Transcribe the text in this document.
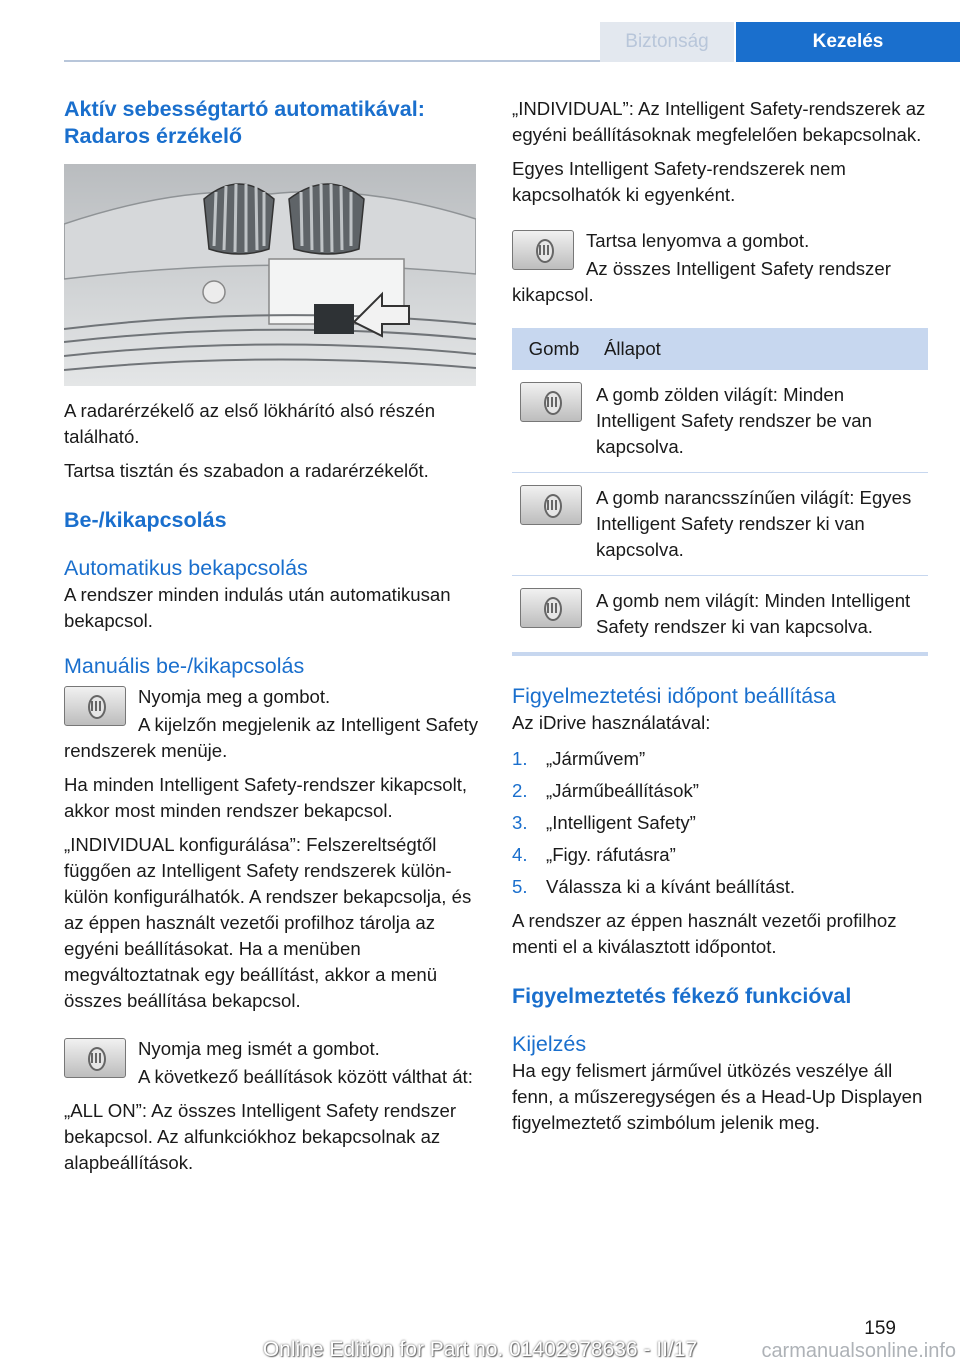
Biztonság	Kezelés
Aktív sebességtartó automatikával: Radaros érzékelő

A radarérzékelő az első lökhárító alsó részén található.

Tartsa tisztán és szabadon a radarérzékelőt.

Be-/kikapcsolás
Automatikus bekapcsolás

A rendszer minden indulás után automatikusan bekapcsol.

Manuális be-/kikapcsolás

Nyomja meg a gombot.

A kijelzőn megjelenik az Intelligent Safety rendszerek menüje.

Ha minden Intelligent Safety-rendszer kikapcsolt, akkor most minden rendszer bekapcsol.

„INDIVIDUAL konfigurálása”: Felszereltségtől függően az Intelligent Safety rendszerek külön-külön konfigurálhatók. A rendszer bekapcsolja, és az éppen használt vezetői profilhoz tárolja az egyéni beállításokat. Ha a menüben megváltoztatnak egy beállítást, akkor a menü összes beállítása bekapcsol.

Nyomja meg ismét a gombot.

A következő beállítások között válthat át:

„ALL ON”: Az összes Intelligent Safety rendszer bekapcsol. Az alfunkciókhoz bekapcsolnak az alapbeállítások.

„INDIVIDUAL”: Az Intelligent Safety-rendszerek az egyéni beállításoknak megfelelően bekapcsolnak.

Egyes Intelligent Safety-rendszerek nem kapcsolhatók ki egyenként.

Tartsa lenyomva a gombot.

Az összes Intelligent Safety rendszer kikapcsol.

Gomb	Állapot

	A gomb zölden világít: Minden Intelligent Safety rendszer be van kapcsolva.

	A gomb narancsszínűen világít: Egyes Intelligent Safety rendszer ki van kapcsolva.

	A gomb nem világít: Minden Intelligent Safety rendszer ki van kapcsolva.
Figyelmeztetési időpont beállítása

Az iDrive használatával:

1. „Járművem”
2. „Járműbeállítások”
3. „Intelligent Safety”
4. „Figy. ráfutásra”
5. Válassza ki a kívánt beállítást.

A rendszer az éppen használt vezetői profilhoz menti el a kiválasztott időpontot.

Figyelmeztetés fékező funkcióval
Kijelzés

Ha egy felismert járművel ütközés veszélye áll fenn, a műszeregységen és a Head-Up Displayen figyelmeztető szimbólum jelenik meg.

159
Online Edition for Part no. 01402978636 - II/17	carmanualsonline.info
